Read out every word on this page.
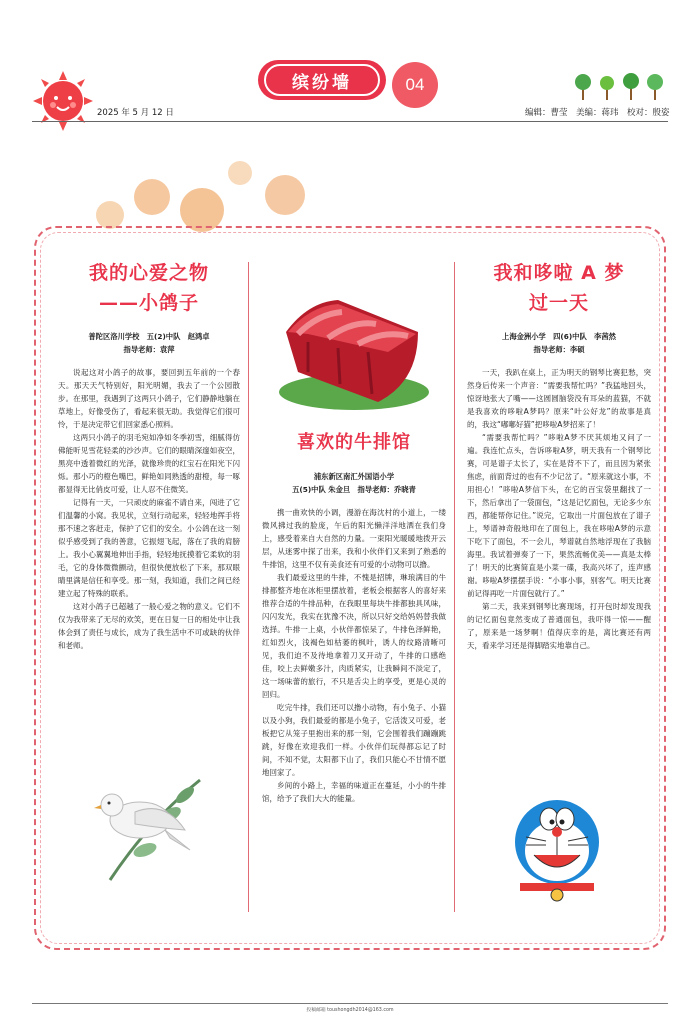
缤纷墙	04
2025 年 5 月 12 日	编辑：曹莹　美编：蒋玮　校对：殷姿
我的心爱之物
——小鸽子
普陀区洛川学校　五(2)中队　赵鸿卓
指导老师：袁萍

说起这对小鸽子的故事，要回到五年前的一个春天。那天天气特别好，阳光明媚，我去了一个公园散步。在那里，我遇到了这两只小鸽子，它们静静地躺在草地上，好像受伤了，看起来很无助。我觉得它们很可怜，于是决定带它们回家悉心照料。

这两只小鸽子的羽毛宛如净如冬季初雪，细腻得仿佛能听见雪花轻柔的沙沙声。它们的眼睛深邃如夜空，黑亮中透着微红的光泽，就像珍贵的红宝石在阳光下闪烁。那小巧的橙色嘴巴，鲜艳如同熟透的甜橙，每一啄都显得无比俏皮可爱，让人忍不住微笑。

记得有一天，一只顽皮的麻雀不请自来，闯进了它们温馨的小窝。我见状，立刻行动起来，轻轻地挥手将那不速之客赶走，保护了它们的安全。小公鸽在这一刻似乎感受到了我的善意，它振翅飞起，落在了我的肩膀上。我小心翼翼地伸出手指，轻轻地抚摸着它柔软的羽毛，它的身体微微颤动，但很快便放松了下来，那双眼睛里满是信任和享受。那一刻，我知道，我们之间已经建立起了特殊的联系。

这对小鸽子已超越了一般心爱之物的意义。它们不仅为我带来了无尽的欢笑，更在日复一日的相处中让我体会到了责任与成长，成为了我生活中不可或缺的伙伴和老师。

喜欢的牛排馆
浦东新区南汇外国语小学
五(5)中队 朱金旦　指导老师：乔晓青

携一曲欢快的小调，漫游在海沈村的小道上，一缕微风拂过我的脸庞，午后的阳光懒洋洋地洒在我们身上，感受着来自大自然的力量。一束阳光暖暖地拨开云层，从迷雾中探了出来，我和小伙伴们又来到了熟悉的牛排馆，这里不仅有美食还有可爱的小动物可以撸。

我们最爱这里的牛排，不愧是招牌，琳琅满目的牛排都整齐地在冰柜里摆放着，老板会根据客人的喜好来推荐合适的牛排品种，在我眼里每块牛排都独具风味，闪闪发光，我实在犹豫不决，所以只好交给妈妈替我做选择。牛排一上桌，小伙伴都惊呆了，牛排色泽鲜艳，红如烈火，浅褐色如枯萎的枫叶，诱人的纹路清晰可见，我们迫不及待地拿着刀叉开动了，牛排的口感绝佳，咬上去鲜嫩多汁，肉质紧实，让我瞬间不淡定了，这一场味蕾的旅行，不只是舌尖上的享受，更是心灵的回归。

吃完牛排，我们还可以撸小动物，有小兔子、小猫以及小狗，我们最爱的都是小兔子，它活泼又可爱，老板把它从笼子里抱出来的那一刻，它会围着我们蹦蹦跳跳，好像在欢迎我们一样。小伙伴们玩得都忘记了时间，不知不觉，太阳都下山了，我们只能心不甘情不愿地回家了。

乡间的小路上，幸福的味道正在蔓延，小小的牛排馆，给予了我们大大的能量。

我和哆啦 A 梦
过一天
上海金洲小学　四(6)中队　李茜然
指导老师：李硕

一天，我趴在桌上，正为明天的钢琴比赛犯愁，突然身后传来一个声音：“需要我帮忙吗？”我猛地回头，惊讶地张大了嘴——这圆圆脑袋没有耳朵的蓝猫，不就是我喜欢的哆啦A梦吗？原来“叶公好龙”的故事是真的，我这“嘟嘟好猫”把哆啦A梦招来了！

“需要我帮忙吗？”哆啦A梦不厌其烦地又问了一遍。我连忙点头，告诉哆啦A梦，明天我有一个钢琴比赛，可是谱子太长了，实在是背不下了，而且因为紧张焦虑，前面背过的也有不少记岔了。“原来就这小事，不用担心！”哆啦A梦信下头，在它的百宝袋里翻找了一下，然后拿出了一袋面包，“这是记忆面包，无论多少东西，都能帮你记住。”说完，它取出一片面包放在了谱子上，琴谱神奇般地印在了面包上，我在哆啦A梦的示意下吃下了面包，不一会儿，琴谱就自然地浮现在了我脑海里。我试着弹奏了一下，果然流畅优美——真是太棒了！明天的比赛简直是小菜一碟，我高兴坏了，连声感谢。哆啦A梦摆摆手说：“小事小事，别客气。明天比赛前记得再吃一片面包就行了。”

第二天，我来到钢琴比赛现场，打开包时却发现我的记忆面包竟然变成了普通面包，我吓得一惊——醒了，原来是一场梦啊！值得庆幸的是，离比赛还有两天，看来学习还是得脚踏实地靠自己。

投稿邮箱 toushongdh2014@163.com
